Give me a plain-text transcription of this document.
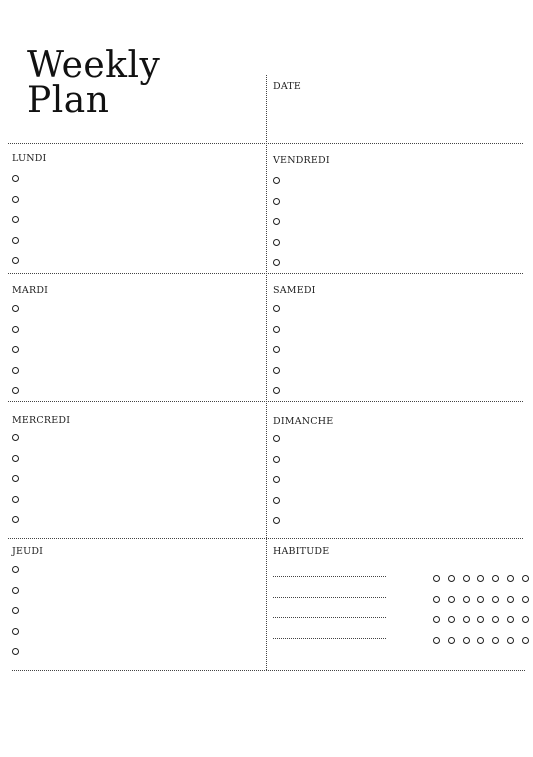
Weekly
Plan	DATE
LUNDI	VENDREDI
MARDI	SAMEDI
MERCREDI	DIMANCHE
JEUDI	HABITUDE
